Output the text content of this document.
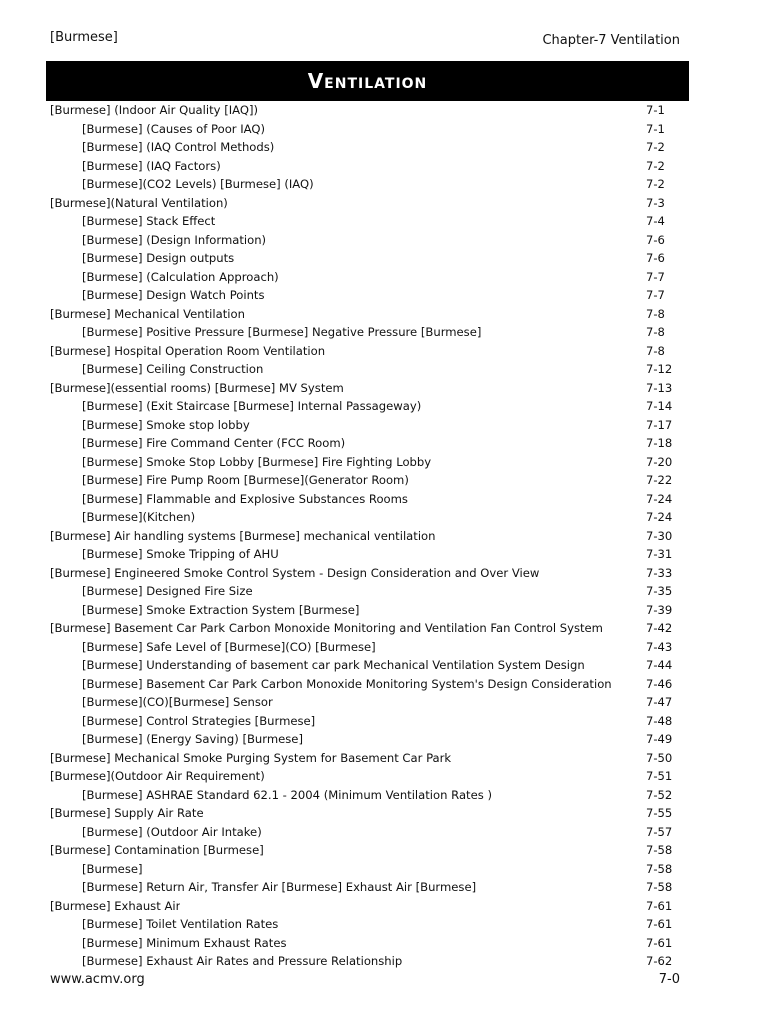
[Burmese]	Chapter-7 Ventilation
Ventilation
[Burmese] (Indoor Air Quality [IAQ])	7-1
[Burmese] (Causes of Poor IAQ)	7-1
[Burmese] (IAQ Control Methods)	7-2
[Burmese] (IAQ Factors)	7-2
[Burmese](CO2 Levels) [Burmese] (IAQ)	7-2
[Burmese](Natural Ventilation)	7-3
[Burmese] Stack Effect	7-4
[Burmese] (Design Information)	7-6
[Burmese] Design outputs	7-6
[Burmese] (Calculation Approach)	7-7
[Burmese] Design Watch Points	7-7
[Burmese] Mechanical Ventilation	7-8
[Burmese] Positive Pressure [Burmese] Negative Pressure [Burmese]	7-8
[Burmese] Hospital Operation Room Ventilation	7-8
[Burmese] Ceiling Construction	7-12
[Burmese](essential rooms) [Burmese] MV System	7-13
[Burmese] (Exit Staircase [Burmese] Internal Passageway)	7-14
[Burmese] Smoke stop lobby	7-17
[Burmese] Fire Command Center (FCC Room)	7-18
[Burmese] Smoke Stop Lobby [Burmese] Fire Fighting Lobby	7-20
[Burmese] Fire Pump Room [Burmese](Generator Room)	7-22
[Burmese] Flammable and Explosive Substances Rooms	7-24
[Burmese](Kitchen)	7-24
[Burmese] Air handling systems [Burmese] mechanical ventilation	7-30
[Burmese] Smoke Tripping of AHU	7-31
[Burmese] Engineered Smoke Control System - Design Consideration and Over View	7-33
[Burmese] Designed Fire Size	7-35
[Burmese] Smoke Extraction System [Burmese]	7-39
[Burmese] Basement Car Park Carbon Monoxide Monitoring and Ventilation Fan Control System	7-42
[Burmese] Safe Level of [Burmese](CO) [Burmese]	7-43
[Burmese] Understanding of basement car park Mechanical Ventilation System Design	7-44
[Burmese] Basement Car Park Carbon Monoxide Monitoring System's Design Consideration	7-46
[Burmese](CO)[Burmese] Sensor	7-47
[Burmese] Control Strategies [Burmese]	7-48
[Burmese] (Energy Saving) [Burmese]	7-49
[Burmese] Mechanical Smoke Purging System for Basement Car Park	7-50
[Burmese](Outdoor Air Requirement)	7-51
[Burmese] ASHRAE Standard 62.1 - 2004 (Minimum Ventilation Rates )	7-52
[Burmese] Supply Air Rate	7-55
[Burmese] (Outdoor Air Intake)	7-57
[Burmese] Contamination [Burmese]	7-58
[Burmese]	7-58
[Burmese] Return Air, Transfer Air [Burmese] Exhaust Air [Burmese]	7-58
[Burmese] Exhaust Air	7-61
[Burmese] Toilet Ventilation Rates	7-61
[Burmese] Minimum Exhaust Rates	7-61
[Burmese] Exhaust Air Rates and Pressure Relationship	7-62
www.acmv.org	7-0
